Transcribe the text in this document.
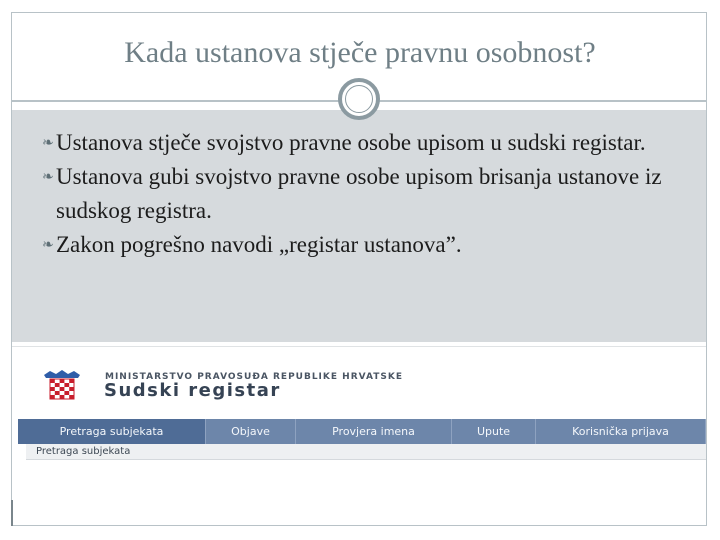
Kada ustanova stječe pravnu osobnost?
❧Ustanova stječe svojstvo pravne osobe upisom u sudski registar.
❧Ustanova gubi svojstvo pravne osobe upisom brisanja ustanove iz sudskog registra.
❧Zakon pogrešno navodi „registar ustanova”.
MINISTARSTVO PRAVOSUĐA REPUBLIKE HRVATSKE
Sudski registar
Pretraga subjekata	Objave	Provjera imena	Upute	Korisnička prijava
Pretraga subjekata
